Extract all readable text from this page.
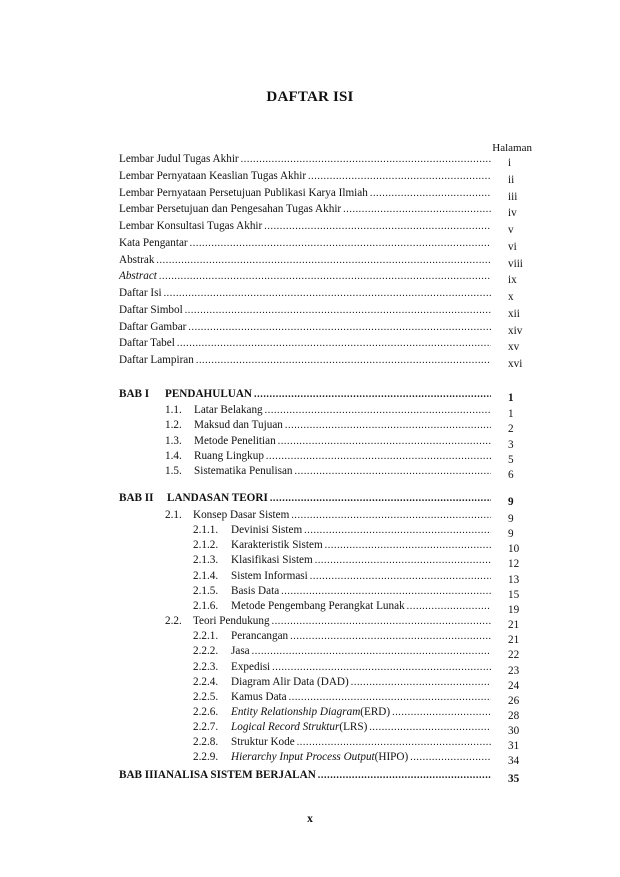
DAFTAR ISI
Halaman
Lembar Judul Tugas Akhir .....	i
Lembar Pernyataan Keaslian Tugas Akhir .....	ii
Lembar Pernyataan Persetujuan Publikasi Karya Ilmiah .....	iii
Lembar Persetujuan dan Pengesahan Tugas Akhir .....	iv
Lembar Konsultasi Tugas Akhir .....	v
Kata Pengantar .....	vi
Abstrak .....	viii
Abstract .....	ix
Daftar Isi .....	x
Daftar Simbol .....	xii
Daftar Gambar .....	xiv
Daftar Tabel .....	xv
Daftar Lampiran .....	xvi
BAB I	PENDAHULUAN .....	1
1.1.	Latar Belakang .....	1
1.2.	Maksud dan Tujuan .....	2
1.3.	Metode Penelitian .....	3
1.4.	Ruang Lingkup .....	5
1.5.	Sistematika Penulisan .....	6
BAB II	LANDASAN TEORI .....	9
2.1.	Konsep Dasar Sistem .....	9
2.1.1.	Devinisi Sistem .....	9
2.1.2.	Karakteristik Sistem .....	10
2.1.3.	Klasifikasi Sistem .....	12
2.1.4.	Sistem Informasi .....	13
2.1.5.	Basis Data .....	15
2.1.6.	Metode Pengembang Perangkat Lunak .....	19
2.2.	Teori Pendukung .....	21
2.2.1.	Perancangan .....	21
2.2.2.	Jasa .....	22
2.2.3.	Expedisi .....	23
2.2.4.	Diagram Alir Data (DAD) .....	24
2.2.5.	Kamus Data .....	26
2.2.6.	Entity Relationship Diagram (ERD) .....	28
2.2.7.	Logical Record Struktur (LRS) .....	30
2.2.8.	Struktur Kode .....	31
2.2.9.	Hierarchy Input Process Output (HIPO) .....	34
BAB III ANALISA SISTEM BERJALAN .....	35
x
